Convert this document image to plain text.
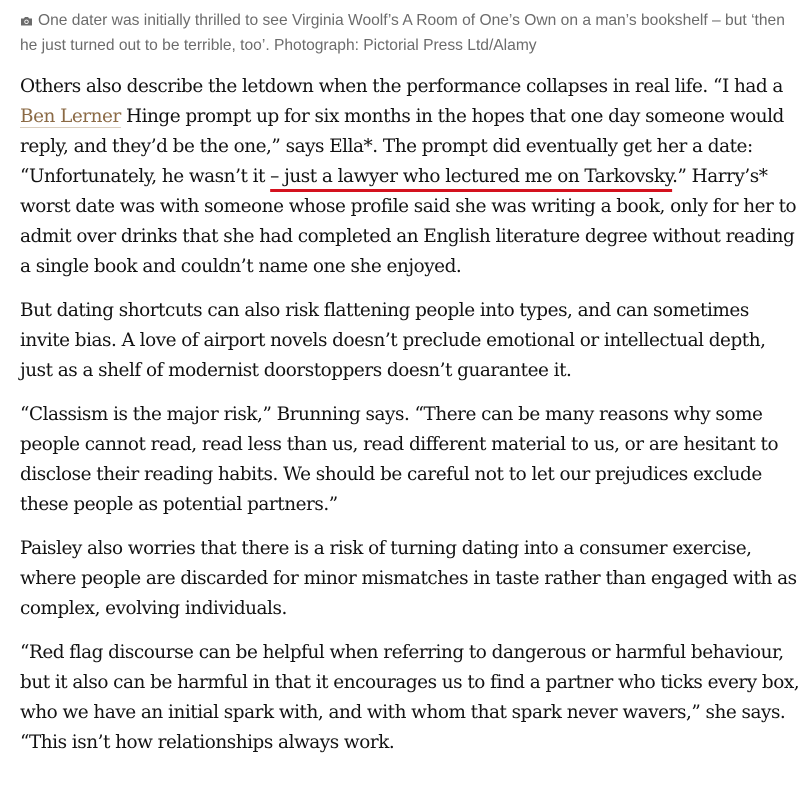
One dater was initially thrilled to see Virginia Woolf’s A Room of One’s Own on a man’s bookshelf – but ‘then he just turned out to be terrible, too’. Photograph: Pictorial Press Ltd/Alamy

Others also describe the letdown when the performance collapses in real life. “I had a Ben Lerner Hinge prompt up for six months in the hopes that one day someone would reply, and they’d be the one,” says Ella*. The prompt did eventually get her a date: “Unfortunately, he wasn’t it – just a lawyer who lectured me on Tarkovsky.” Harry’s* worst date was with someone whose profile said she was writing a book, only for her to admit over drinks that she had completed an English literature degree without reading a single book and couldn’t name one she enjoyed.

But dating shortcuts can also risk flattening people into types, and can sometimes invite bias. A love of airport novels doesn’t preclude emotional or intellectual depth, just as a shelf of modernist doorstoppers doesn’t guarantee it.

“Classism is the major risk,” Brunning says. “There can be many reasons why some people cannot read, read less than us, read different material to us, or are hesitant to disclose their reading habits. We should be careful not to let our prejudices exclude these people as potential partners.”

Paisley also worries that there is a risk of turning dating into a consumer exercise, where people are discarded for minor mismatches in taste rather than engaged with as complex, evolving individuals.

“Red flag discourse can be helpful when referring to dangerous or harmful behaviour, but it also can be harmful in that it encourages us to find a partner who ticks every box, who we have an initial spark with, and with whom that spark never wavers,” she says. “This isn’t how relationships always work.
